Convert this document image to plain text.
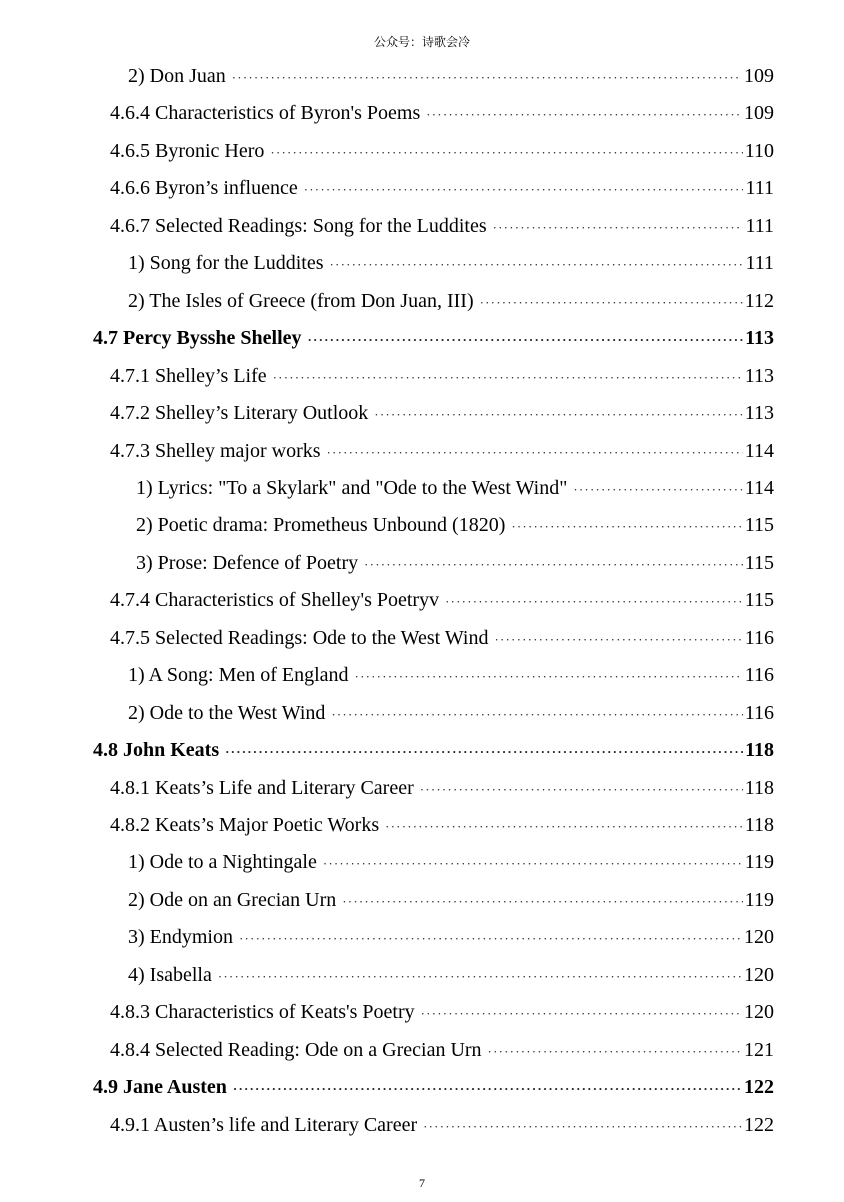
公众号：诗歌会冷
2) Don Juan ·····	109
4.6.4 Characteristics of Byron's Poems ·····	109
4.6.5 Byronic Hero ·····	110
4.6.6 Byron’s influence ·····	111
4.6.7 Selected Readings: Song for the Luddites ·····	111
1) Song for the Luddites ·····	111
2) The Isles of Greece (from Don Juan, III) ·····	112
4.7 Percy Bysshe Shelley ·····	113
4.7.1 Shelley’s Life ·····	113
4.7.2 Shelley’s Literary Outlook ·····	113
4.7.3 Shelley major works ·····	114
1) Lyrics: "To a Skylark" and "Ode to the West Wind" ·····	114
2) Poetic drama: Prometheus Unbound (1820) ·····	115
3) Prose: Defence of Poetry ·····	115
4.7.4 Characteristics of Shelley's Poetryv ·····	115
4.7.5 Selected Readings: Ode to the West Wind ·····	116
1) A Song: Men of England ·····	116
2) Ode to the West Wind ·····	116
4.8 John Keats ·····	118
4.8.1 Keats’s Life and Literary Career ·····	118
4.8.2 Keats’s Major Poetic Works ·····	118
1) Ode to a Nightingale ·····	119
2) Ode on an Grecian Urn ·····	119
3) Endymion ·····	120
4) Isabella ·····	120
4.8.3 Characteristics of Keats's Poetry ·····	120
4.8.4 Selected Reading: Ode on a Grecian Urn ·····	121
4.9 Jane Austen ·····	122
4.9.1 Austen’s life and Literary Career ·····	122
7
